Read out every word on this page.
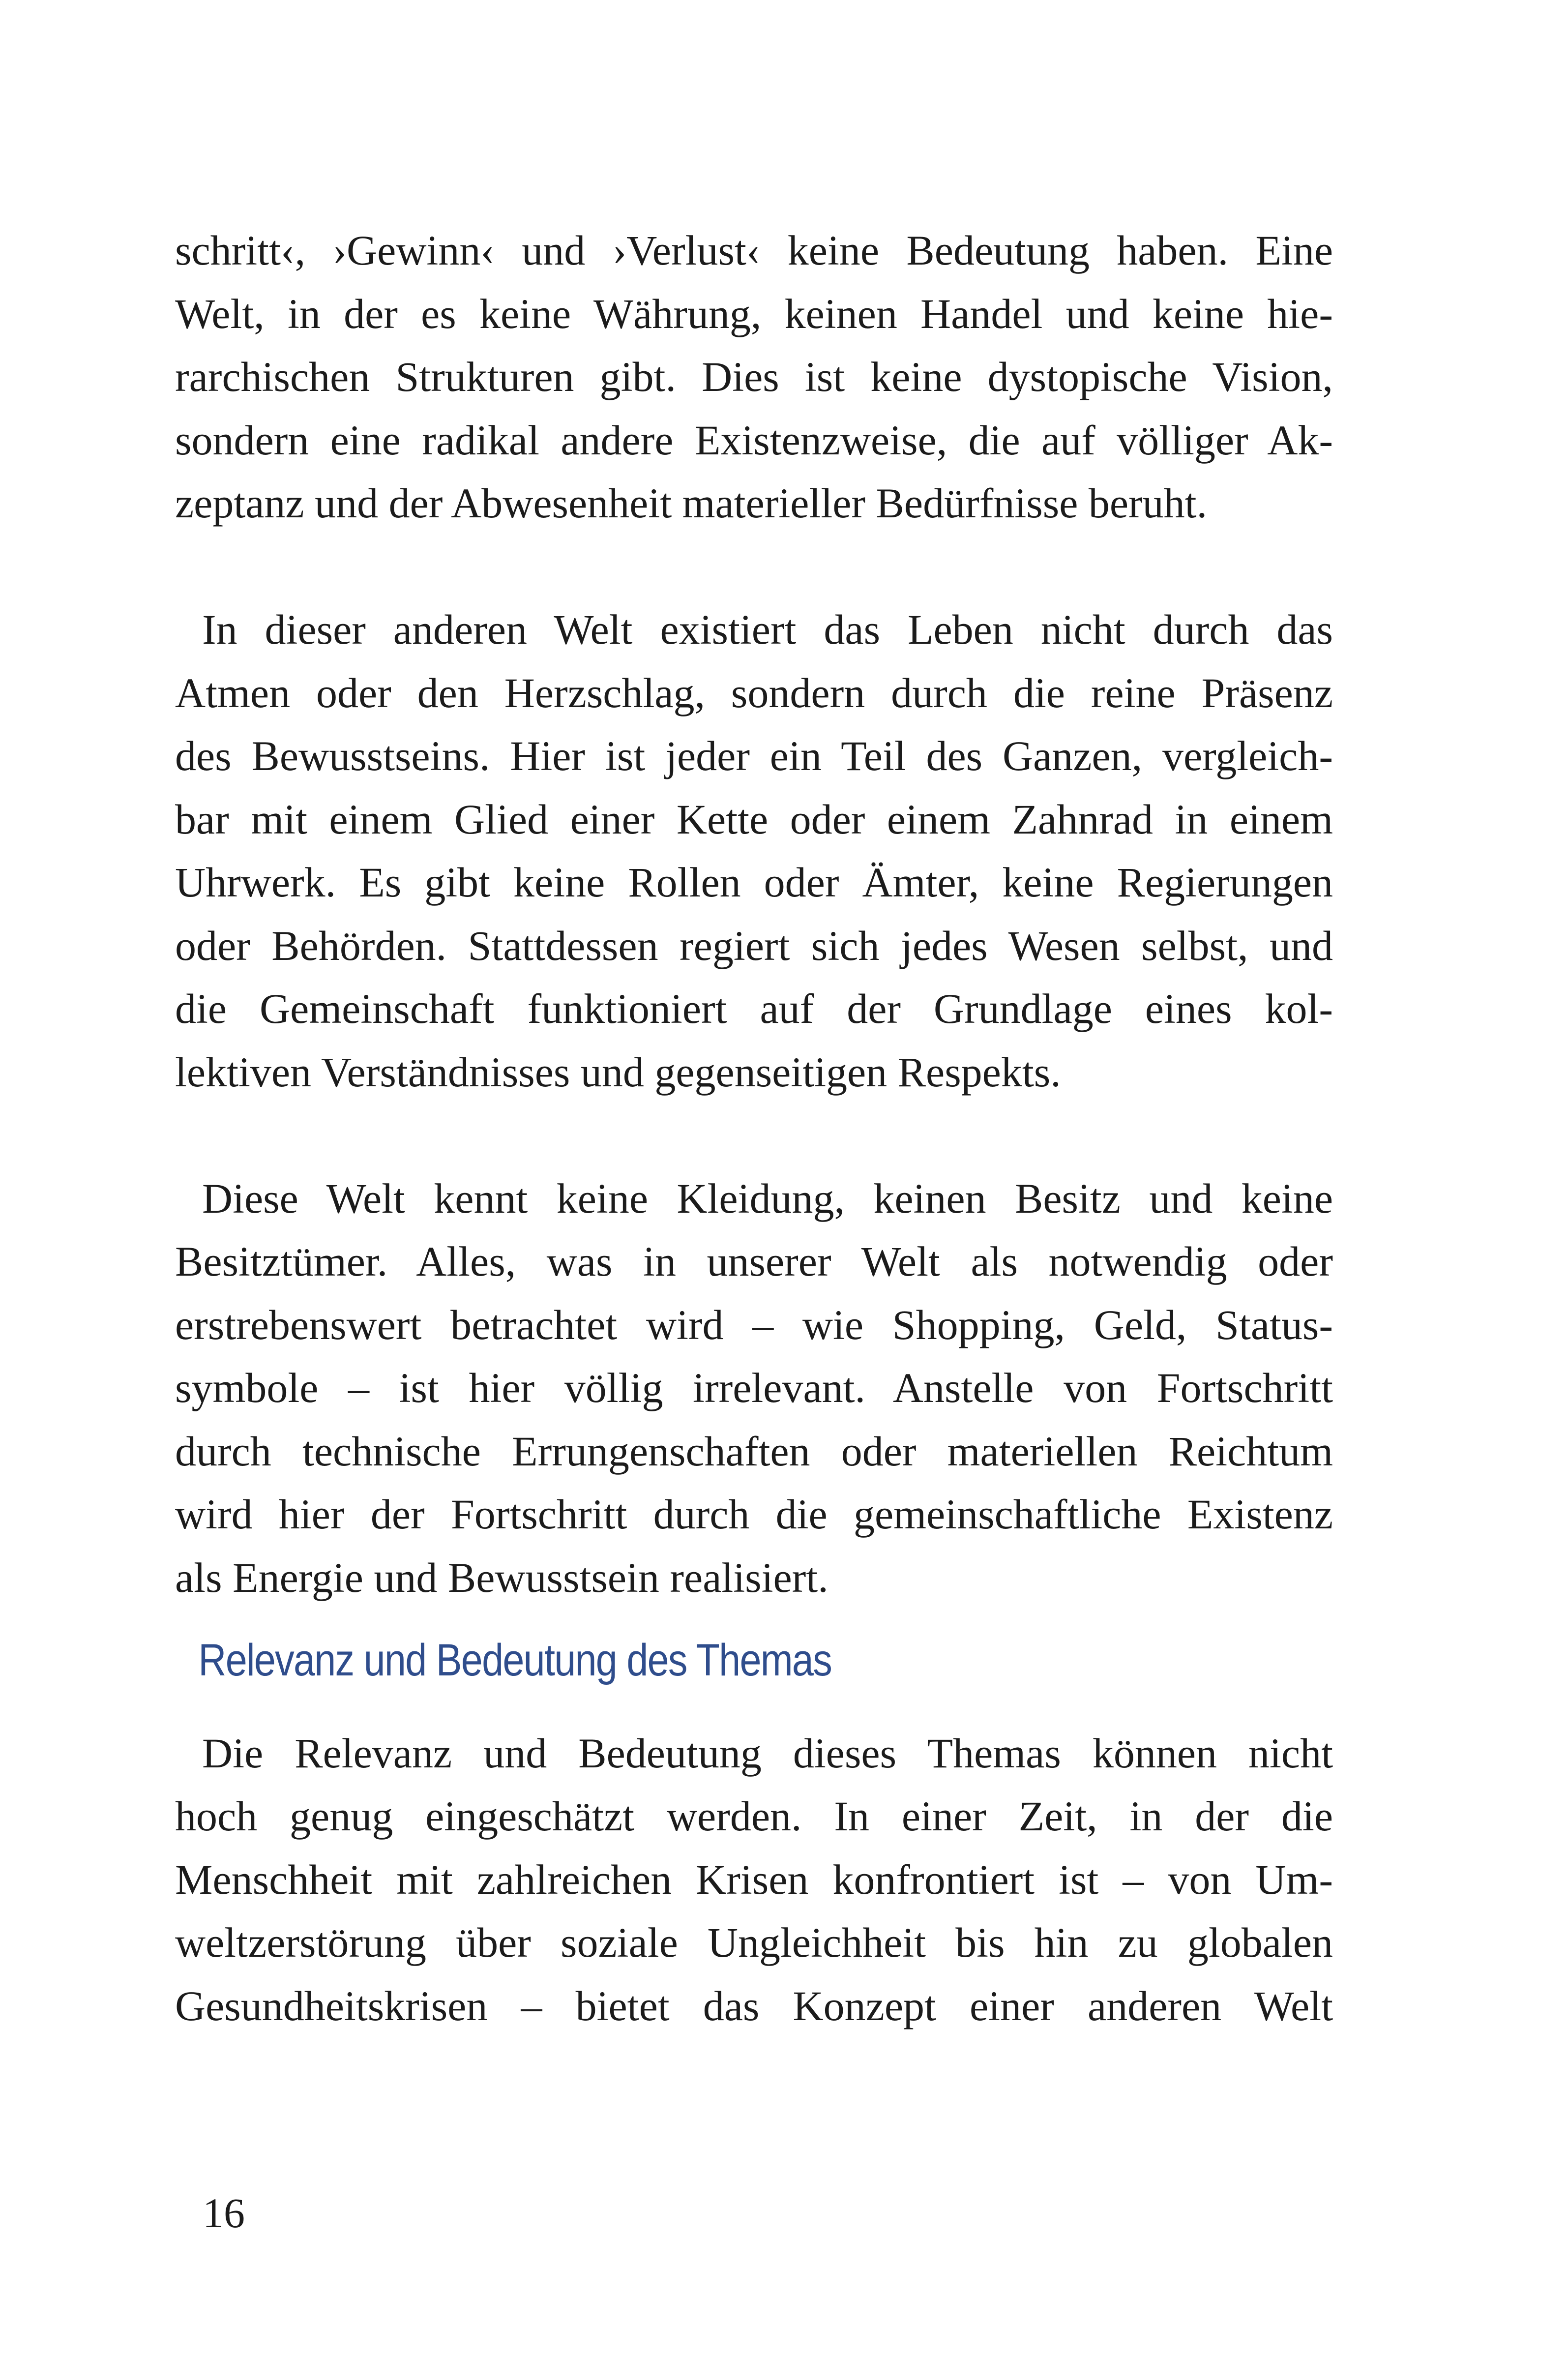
schritt‹, ›Gewinn‹ und ›Verlust‹ keine Bedeutung haben. Eine
Welt, in der es keine Währung, keinen Handel und keine hie-
rarchischen Strukturen gibt. Dies ist keine dystopische Vision,
sondern eine radikal andere Existenzweise, die auf völliger Ak-
zeptanz und der Abwesenheit materieller Bedürfnisse beruht.
In dieser anderen Welt existiert das Leben nicht durch das
Atmen oder den Herzschlag, sondern durch die reine Präsenz
des Bewusstseins. Hier ist jeder ein Teil des Ganzen, vergleich-
bar mit einem Glied einer Kette oder einem Zahnrad in einem
Uhrwerk. Es gibt keine Rollen oder Ämter, keine Regierungen
oder Behörden. Stattdessen regiert sich jedes Wesen selbst, und
die Gemeinschaft funktioniert auf der Grundlage eines kol-
lektiven Verständnisses und gegenseitigen Respekts.
Diese Welt kennt keine Kleidung, keinen Besitz und keine
Besitztümer. Alles, was in unserer Welt als notwendig oder
erstrebenswert betrachtet wird – wie Shopping, Geld, Status-
symbole – ist hier völlig irrelevant. Anstelle von Fortschritt
durch technische Errungenschaften oder materiellen Reichtum
wird hier der Fortschritt durch die gemeinschaftliche Existenz
als Energie und Bewusstsein realisiert.
Relevanz und Bedeutung des Themas
Die Relevanz und Bedeutung dieses Themas können nicht
hoch genug eingeschätzt werden. In einer Zeit, in der die
Menschheit mit zahlreichen Krisen konfrontiert ist – von Um-
weltzerstörung über soziale Ungleichheit bis hin zu globalen
Gesundheitskrisen – bietet das Konzept einer anderen Welt
16
